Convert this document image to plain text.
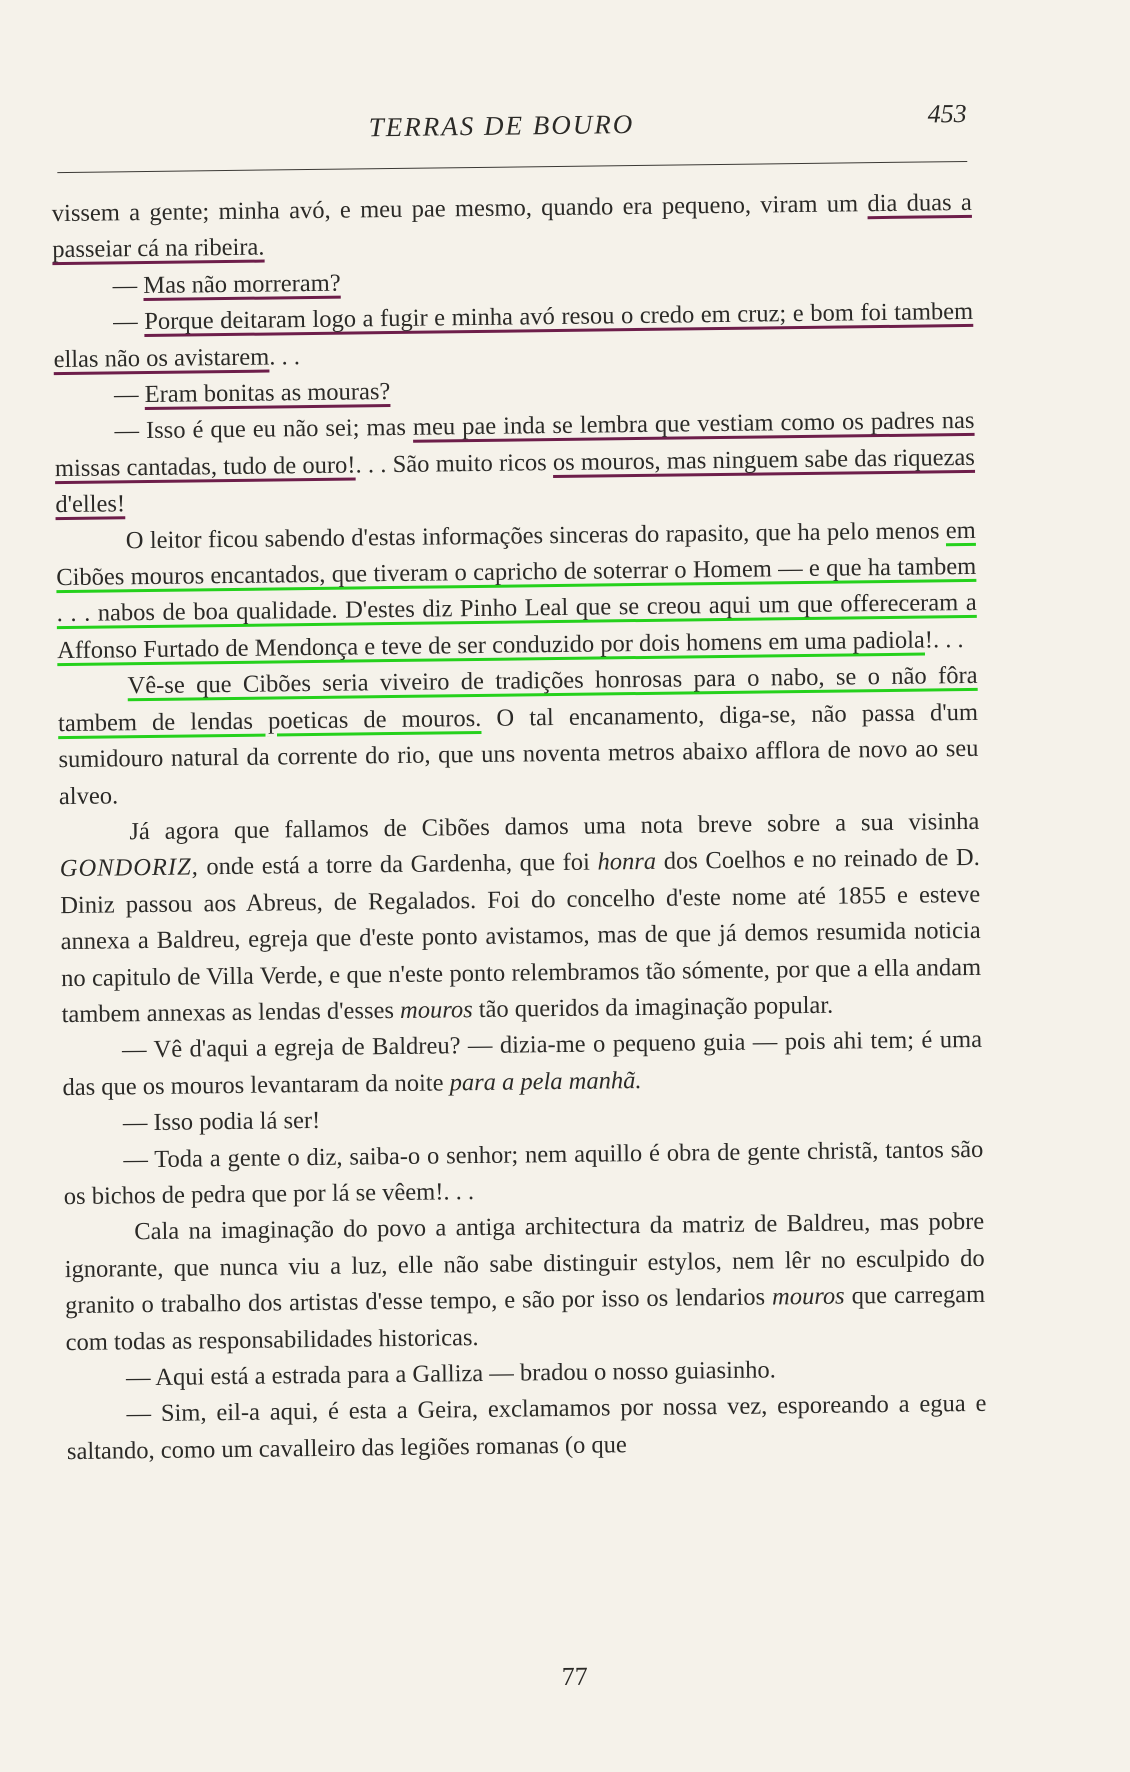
TERRAS DE BOURO	453

vissem a gente; minha avó, e meu pae mesmo, quando era pequeno, viram um dia duas a passeiar cá na ribeira.

— Mas não morreram?

— Porque deitaram logo a fugir e minha avó resou o credo em cruz; e bom foi tambem ellas não os avistarem. . .

— Eram bonitas as mouras?

— Isso é que eu não sei; mas meu pae inda se lembra que vestiam como os padres nas missas cantadas, tudo de ouro!. . . São muito ricos os mouros, mas ninguem sabe das riquezas d'elles!

O leitor ficou sabendo d'estas informações sinceras do rapasito, que ha pelo menos em Cibões mouros encantados, que tiveram o capricho de soterrar o Homem — e que ha tambem . . . nabos de boa qualidade. D'estes diz Pinho Leal que se creou aqui um que offereceram a Affonso Furtado de Mendonça e teve de ser conduzido por dois homens em uma padiola!. . .

Vê-se que Cibões seria viveiro de tradições honrosas para o nabo, se o não fôra tambem de lendas poeticas de mouros. O tal encanamento, diga-se, não passa d'um sumidouro natural da corrente do rio, que uns noventa metros abaixo afflora de novo ao seu alveo.

Já agora que fallamos de Cibões damos uma nota breve sobre a sua visinha GONDORIZ, onde está a torre da Gardenha, que foi honra dos Coelhos e no reinado de D. Diniz passou aos Abreus, de Regalados. Foi do concelho d'este nome até 1855 e esteve annexa a Baldreu, egreja que d'este ponto avistamos, mas de que já demos resumida noticia no capitulo de Villa Verde, e que n'este ponto relembramos tão sómente, por que a ella andam tambem annexas as lendas d'esses mouros tão queridos da imaginação popular.

— Vê d'aqui a egreja de Baldreu? — dizia-me o pequeno guia — pois ahi tem; é uma das que os mouros levantaram da noite para a pela manhã.

— Isso podia lá ser!

— Toda a gente o diz, saiba-o o senhor; nem aquillo é obra de gente christã, tantos são os bichos de pedra que por lá se vêem!. . .

Cala na imaginação do povo a antiga architectura da matriz de Baldreu, mas pobre ignorante, que nunca viu a luz, elle não sabe distinguir estylos, nem lêr no esculpido do granito o trabalho dos artistas d'esse tempo, e são por isso os lendarios mouros que carregam com todas as responsabilidades historicas.

— Aqui está a estrada para a Galliza — bradou o nosso guiasinho.

— Sim, eil-a aqui, é esta a Geira, exclamamos por nossa vez, esporeando a egua e saltando, como um cavalleiro das legiões romanas (o que

77
